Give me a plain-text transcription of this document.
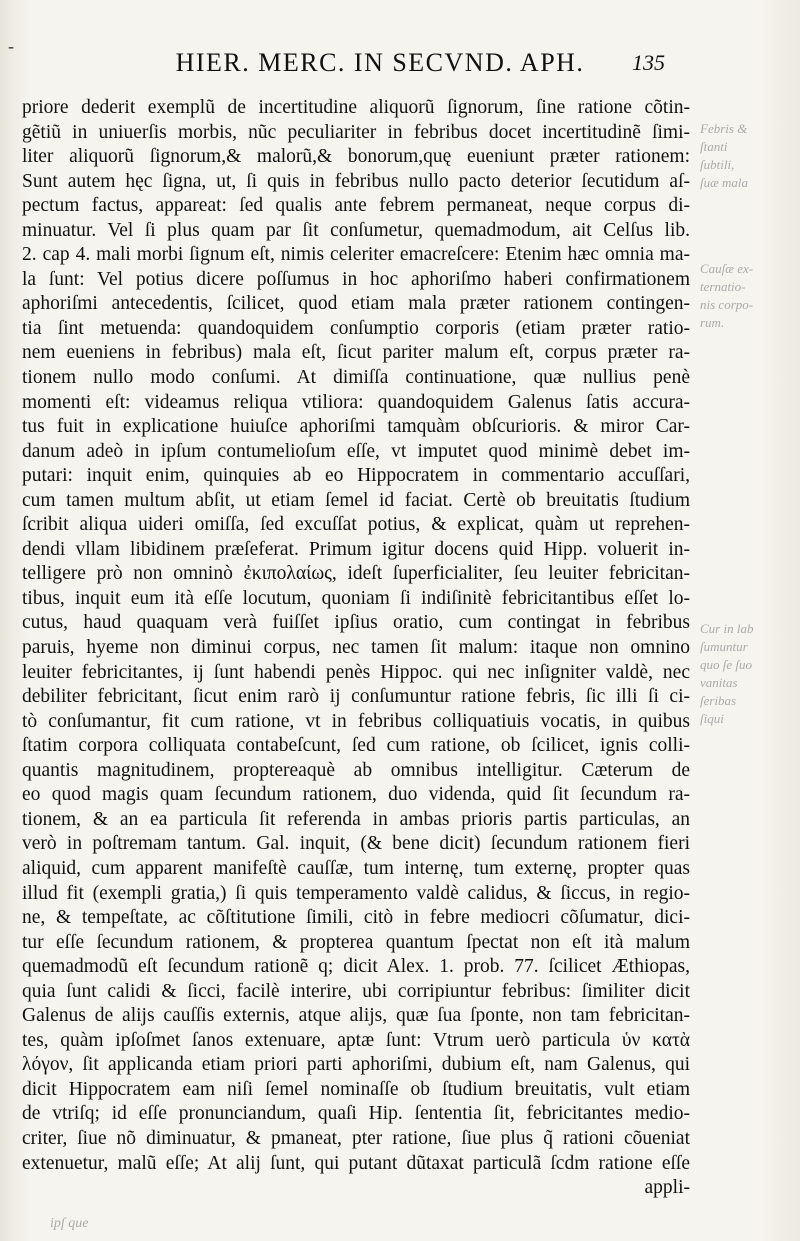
-
HIER. MERC. IN SECVND. APH.	135
priore dederit exemplũ de incertitudine aliquorũ ſignorum, ſine ratione cõtin-
gẽtiũ in uniuerſis morbis, nũc peculiariter in febribus docet incertitudinẽ ſimi-
liter aliquorũ ſignorum,& malorũ,& bonorum,quę eueniunt præter rationem:
Sunt autem hęc ſigna, ut, ſi quis in febribus nullo pacto deterior ſecutidum aſ-
pectum factus, appareat: ſed qualis ante febrem permaneat, neque corpus di-
minuatur. Vel ſi plus quam par ſit conſumetur, quemadmodum, ait Celſus lib.
2. cap 4. mali morbi ſignum eſt, nimis celeriter emacreſcere: Etenim hæc omnia ma-
la ſunt: Vel potius dicere poſſumus in hoc aphoriſmo haberi confirmationem
aphoriſmi antecedentis, ſcilicet, quod etiam mala præter rationem contingen-
tia ſint metuenda: quandoquidem conſumptio corporis (etiam præter ratio-
nem eueniens in febribus) mala eſt, ſicut pariter malum eſt, corpus præter ra-
tionem nullo modo conſumi. At dimiſſa continuatione, quæ nullius penè
momenti eſt: videamus reliqua vtiliora: quandoquidem Galenus ſatis accura-
tus fuit in explicatione huiuſce aphoriſmi tamquàm obſcurioris. & miror Car-
danum adeò in ipſum contumelioſum eſſe, vt imputet quod minimè debet im-
putari: inquit enim, quinquies ab eo Hippocratem in commentario accuſſari,
cum tamen multum abſit, ut etiam ſemel id faciat. Certè ob breuitatis ſtudium
ſcribit aliqua uideri omiſſa, ſed excuſſat potius, & explicat, quàm ut reprehen-
dendi vllam libidinem præſeferat. Primum igitur docens quid Hipp. voluerit in-
telligere prò non omninò ἐκιπολαίως, ideſt ſuperficialiter, ſeu leuiter febricitan-
tibus, inquit eum ità eſſe locutum, quoniam ſi indiſinitè febricitantibus eſſet lo-
cutus, haud quaquam verà fuiſſet ipſius oratio, cum contingat in febribus
paruis, hyeme non diminui corpus, nec tamen ſit malum: itaque non omnino
leuiter febricitantes, ij ſunt habendi penès Hippoc. qui nec inſigniter valdè, nec
debiliter febricitant, ſicut enim rarò ij conſumuntur ratione febris, ſic illi ſi ci-
tò conſumantur, fit cum ratione, vt in febribus colliquatiuis vocatis, in quibus
ſtatim corpora colliquata contabeſcunt, ſed cum ratione, ob ſcilicet, ignis colli-
quantis magnitudinem, proptereaquè ab omnibus intelligitur. Cæterum de
eo quod magis quam ſecundum rationem, duo videnda, quid ſit ſecundum ra-
tionem, & an ea particula ſit referenda in ambas prioris partis particulas, an
verò in poſtremam tantum. Gal. inquit, (& bene dicit) ſecundum rationem fieri
aliquid, cum apparent manifeſtè cauſſæ, tum internę, tum externę, propter quas
illud fit (exempli gratia,) ſi quis temperamento valdè calidus, & ſiccus, in regio-
ne, & tempeſtate, ac cõſtitutione ſimili, citò in febre mediocri cõſumatur, dici-
tur eſſe ſecundum rationem, & propterea quantum ſpectat non eſt ità malum
quemadmodũ eſt ſecundum rationẽ q; dicit Alex. 1. prob. 77. ſcilicet Æthiopas,
quia ſunt calidi & ſicci, facilè interire, ubi corripiuntur febribus: ſimiliter dicit
Galenus de alijs cauſſis externis, atque alijs, quæ ſua ſponte, non tam febricitan-
tes, quàm ipſoſmet ſanos extenuare, aptæ ſunt: Vtrum uerò particula ὑν κατὰ
λόγον, ſit applicanda etiam priori parti aphoriſmi, dubium eſt, nam Galenus, qui
dicit Hippocratem eam niſi ſemel nominaſſe ob ſtudium breuitatis, vult etiam
de vtriſq; id eſſe pronunciandum, quaſi Hip. ſententia ſit, febricitantes medio-
criter, ſiue nõ diminuatur, & pmaneat, pter ratione, ſiue plus q̃ rationi cõueniat
extenuetur, malũ eſſe; At alij ſunt, qui putant dũtaxat particulã ſcdm ratione eſſe
appli-
Febris &
ſtanti
ſubtili,
ſuæ mala
Cauſæ ex-
ternatio-
nis corpo-
rum.
Cur in lab
ſumuntur
quo ſe ſuo
vanitas
ſeribas
ſiqui
ipſ que
